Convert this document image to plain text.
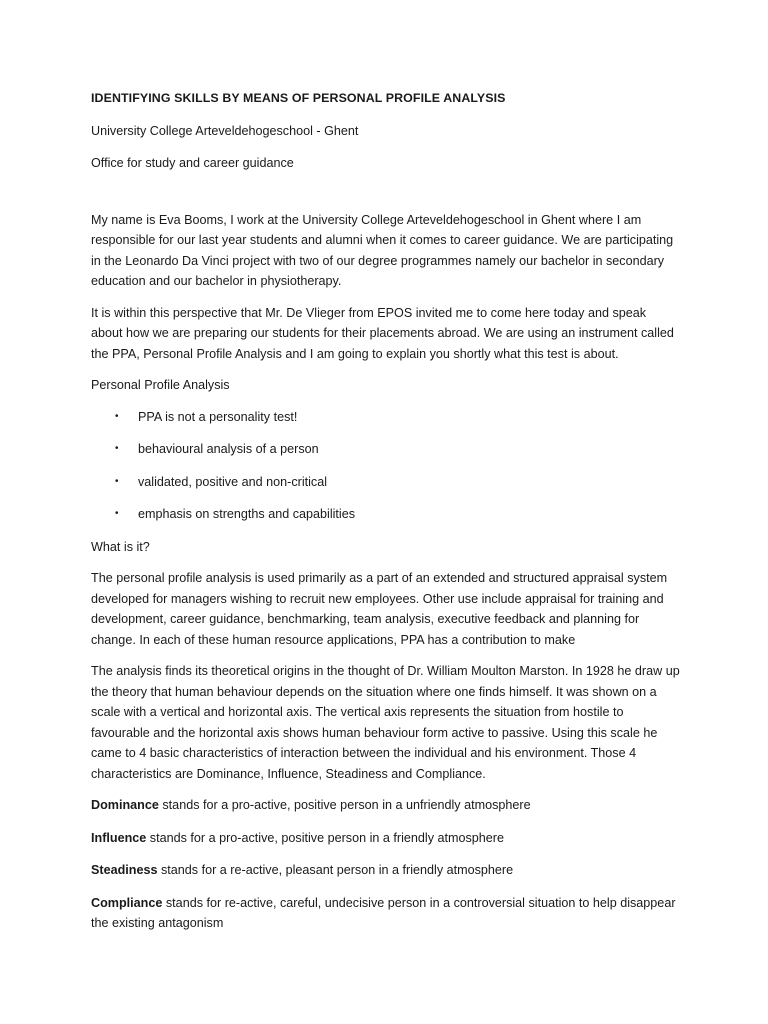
IDENTIFYING SKILLS BY MEANS OF PERSONAL PROFILE ANALYSIS
University College Arteveldehogeschool - Ghent
Office for study and career guidance

My name is Eva Booms, I work at the University College Arteveldehogeschool in Ghent where I am responsible for our last year students and alumni when it comes to career guidance. We are participating in the Leonardo Da Vinci project with two of our degree programmes namely our bachelor in secondary education and our bachelor in physiotherapy.

It is within this perspective that Mr. De Vlieger from EPOS invited me to come here today and speak about how we are preparing our students for their placements abroad. We are using an instrument called the PPA, Personal Profile Analysis and I am going to explain you shortly what this test is about.

Personal Profile Analysis

• PPA is not a personality test!
• behavioural analysis of a person
• validated, positive and non-critical
• emphasis on strengths and capabilities

What is it?

The personal profile analysis is used primarily as a part of an extended and structured appraisal system developed for managers wishing to recruit new employees. Other use include appraisal for training and development, career guidance, benchmarking, team analysis, executive feedback and planning for change. In each of these human resource applications, PPA has a contribution to make

The analysis finds its theoretical origins in the thought of Dr. William Moulton Marston. In 1928 he draw up the theory that human behaviour depends on the situation where one finds himself. It was shown on a scale with a vertical and horizontal axis. The vertical axis represents the situation from hostile to favourable and the horizontal axis shows human behaviour form active to passive. Using this scale he came to 4 basic characteristics of interaction between the individual and his environment. Those 4 characteristics are Dominance, Influence, Steadiness and Compliance.

Dominance stands for a pro-active, positive person in a unfriendly atmosphere
Influence stands for a pro-active, positive person in a friendly atmosphere
Steadiness stands for a re-active, pleasant person in a friendly atmosphere
Compliance stands for re-active, careful, undecisive person in a controversial situation to help disappear the existing antagonism
